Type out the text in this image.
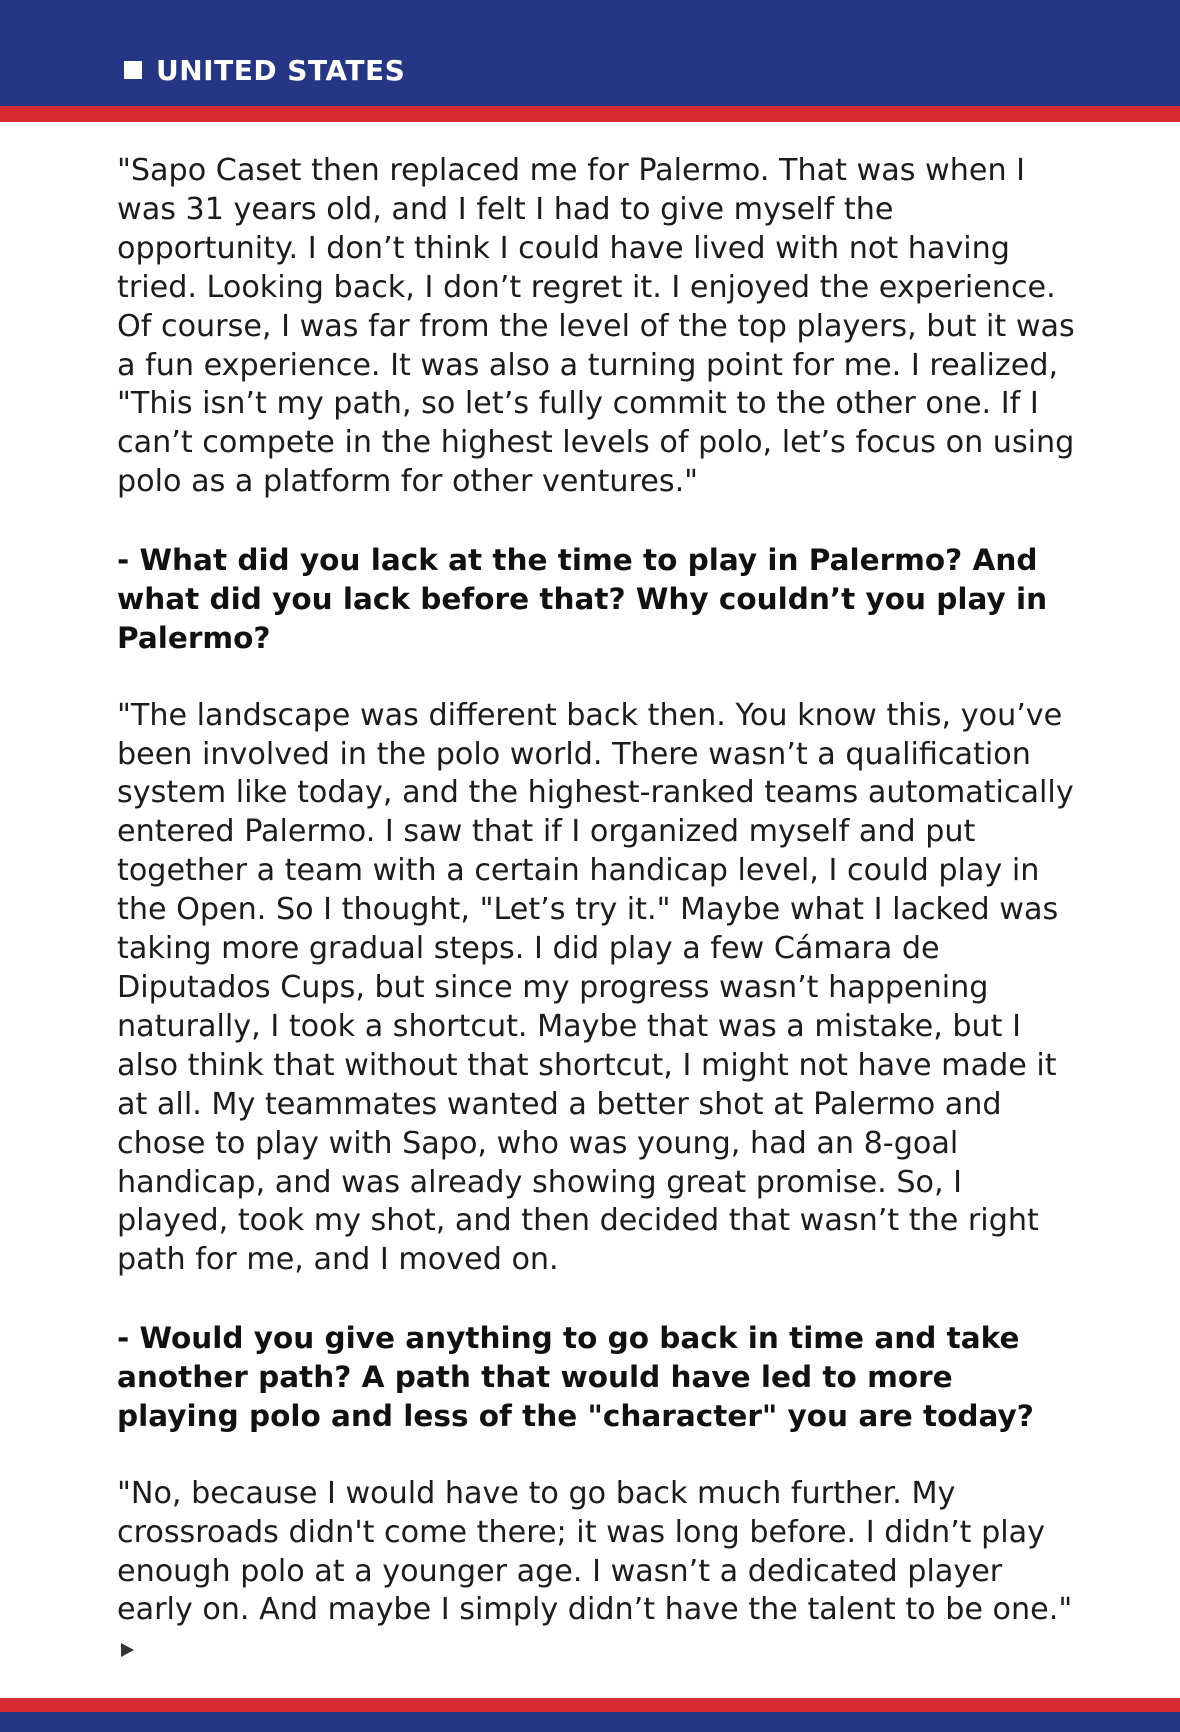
UNITED STATES

"Sapo Caset then replaced me for Palermo. That was when I was 31 years old, and I felt I had to give myself the opportunity. I don’t think I could have lived with not having tried. Looking back, I don’t regret it. I enjoyed the experience. Of course, I was far from the level of the top players, but it was a fun experience. It was also a turning point for me. I realized, "This isn’t my path, so let’s fully commit to the other one. If I can’t compete in the highest levels of polo, let’s focus on using polo as a platform for other ventures."

- What did you lack at the time to play in Palermo? And what did you lack before that? Why couldn’t you play in Palermo?

"The landscape was different back then. You know this, you’ve been involved in the polo world. There wasn’t a qualification system like today, and the highest-ranked teams automatically entered Palermo. I saw that if I organized myself and put together a team with a certain handicap level, I could play in the Open. So I thought, "Let’s try it." Maybe what I lacked was taking more gradual steps. I did play a few Cámara de Diputados Cups, but since my progress wasn’t happening naturally, I took a shortcut. Maybe that was a mistake, but I also think that without that shortcut, I might not have made it at all. My teammates wanted a better shot at Palermo and chose to play with Sapo, who was young, had an 8-goal handicap, and was already showing great promise. So, I played, took my shot, and then decided that wasn’t the right path for me, and I moved on.

- Would you give anything to go back in time and take another path? A path that would have led to more playing polo and less of the "character" you are today?

"No, because I would have to go back much further. My crossroads didn't come there; it was long before. I didn’t play enough polo at a younger age. I wasn’t a dedicated player early on. And maybe I simply didn’t have the talent to be one."
